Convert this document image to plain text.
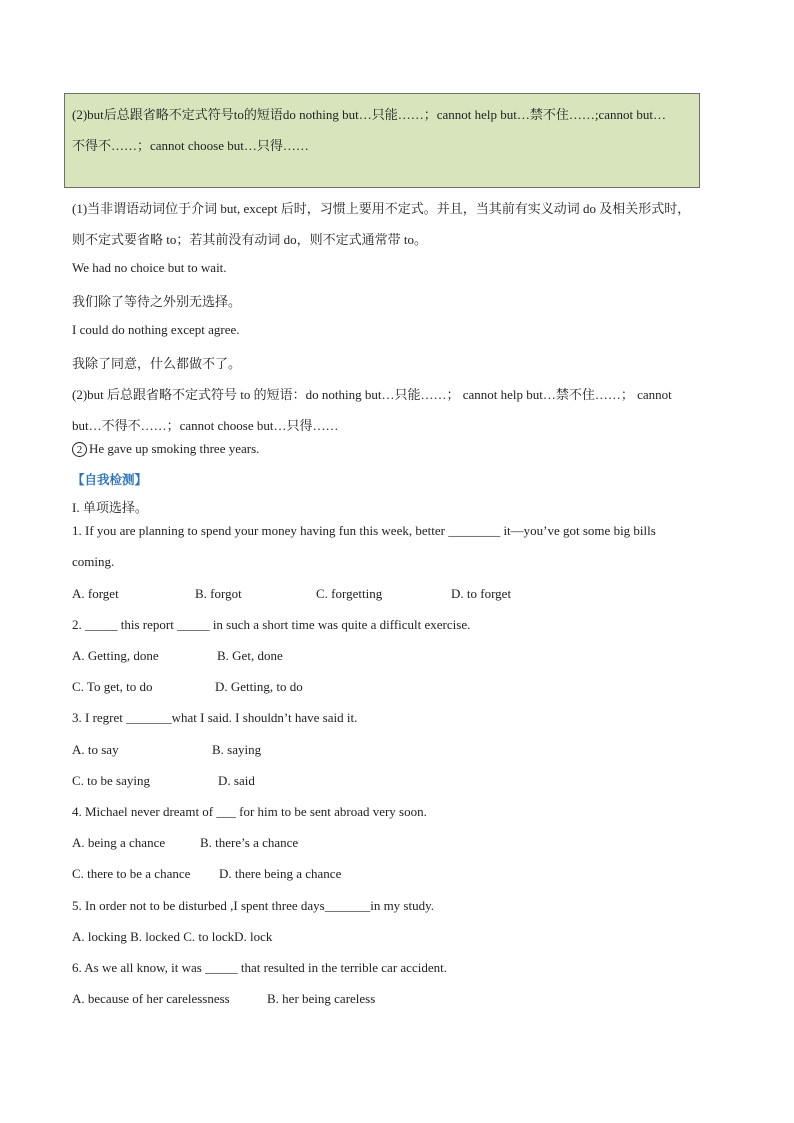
(2)but后总跟省略不定式符号to的短语do nothing but…只能……；cannot help but…禁不住……;cannot but…
不得不……；cannot choose but…只得……
(1)当非谓语动词位于介词 but, except 后时，习惯上要用不定式。并且，当其前有实义动词 do 及相关形式时，
则不定式要省略 to；若其前没有动词 do，则不定式通常带 to。
We had no choice but to wait.
我们除了等待之外别无选择。
I could do nothing except agree.
我除了同意，什么都做不了。
(2)but 后总跟省略不定式符号 to 的短语：do nothing but…只能……； cannot help but…禁不住……； cannot
but…不得不……；cannot choose but…只得……
2 He gave up smoking three years.
【自我检测】
I. 单项选择。
1. If you are planning to spend your money having fun this week, better ________ it—you’ve got some big bills
coming.
A. forget	B. forgot	C. forgetting	D. to forget
2. _____ this report _____ in such a short time was quite a difficult exercise.
A. Getting, done	B. Get, done
C. To get, to do	D. Getting, to do
3. I regret _______what I said. I shouldn’t have said it.
A. to say	B. saying
C. to be saying	D. said
4. Michael never dreamt of ___ for him to be sent abroad very soon.
A. being a chance	B. there’s a chance
C. there to be a chance D. there being a chance
5. In order not to be disturbed ,I spent three days_______in my study.
A. locking B. locked C. to lockD. lock
6. As we all know, it was _____ that resulted in the terrible car accident.
A. because of her carelessness	B. her being careless
